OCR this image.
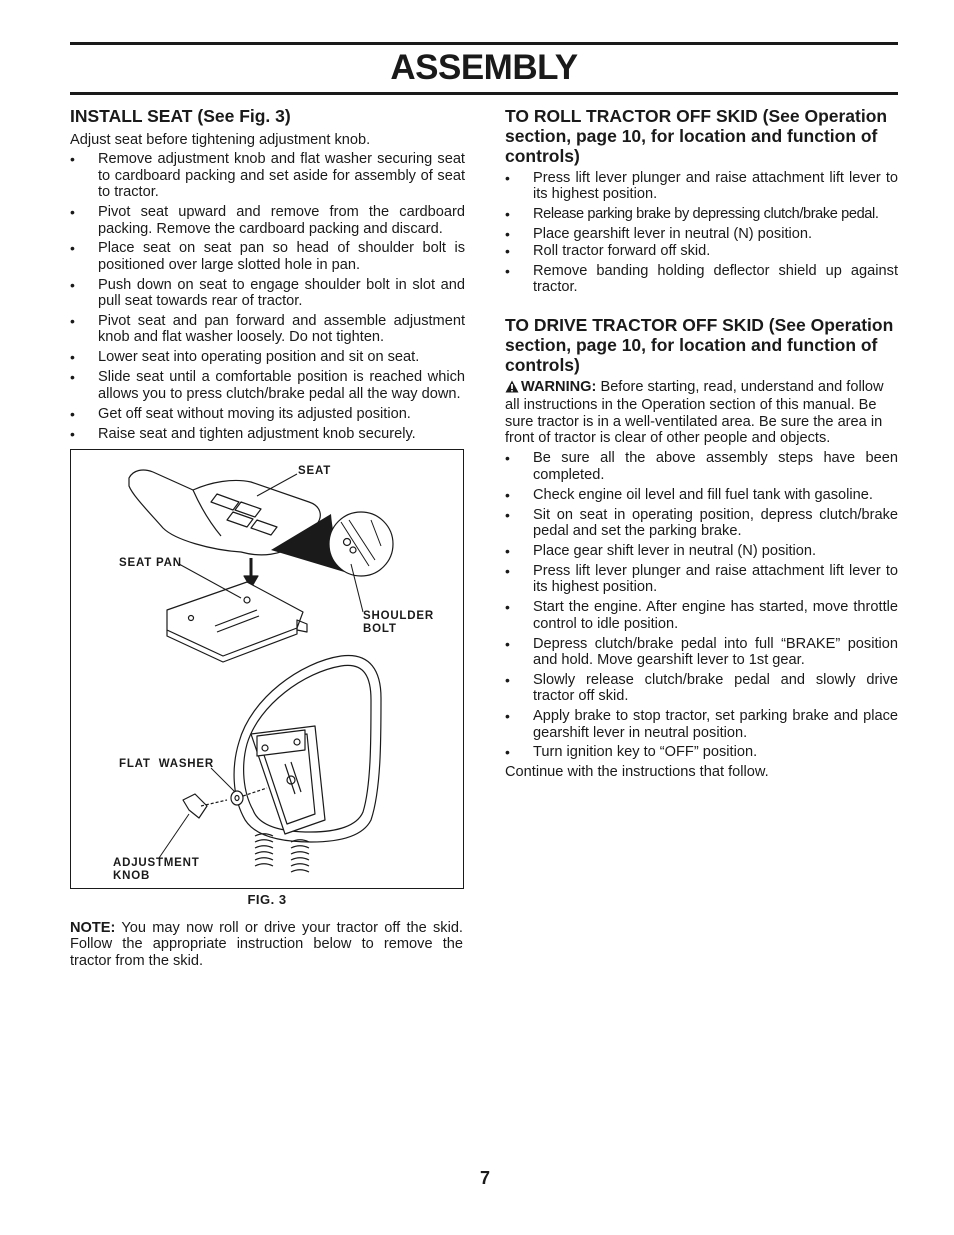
ASSEMBLY
INSTALL SEAT (See Fig. 3)

Adjust seat before tightening adjustment knob.

• Remove adjustment knob and flat washer securing seat to cardboard packing and set aside for assembly of seat to tractor.
• Pivot seat upward and remove from the cardboard packing. Remove the cardboard packing and discard.
• Place seat on seat pan so head of shoulder bolt is positioned over large slotted hole in pan.
• Push down on seat to engage shoulder bolt in slot and pull seat towards rear of tractor.
• Pivot seat and pan forward and assemble adjustment knob and flat washer loosely. Do not tighten.
• Lower seat into operating position and sit on seat.
• Slide seat until a comfortable position is reached which allows you to press clutch/brake pedal all the way down.
• Get off seat without moving its adjusted position.
• Raise seat and tighten adjustment knob securely.
SEAT
SEAT PAN
SHOULDER
BOLT
FLAT  WASHER
ADJUSTMENT
KNOB
FIG. 3
NOTE: You may now roll or drive your tractor off the skid. Follow the appropriate instruction below to remove the tractor from the skid.
TO ROLL TRACTOR OFF SKID (See Operation section, page 10, for location and function of controls)
• Press lift lever plunger and raise attachment lift lever to its highest position.
• Release parking brake by depressing clutch/brake pedal.
• Place gearshift lever in neutral (N) position.
• Roll tractor forward off skid.
• Remove banding holding deflector shield up against tractor.
TO DRIVE TRACTOR OFF SKID (See Operation section, page 10, for location and function of controls)

WARNING: Before starting, read, understand and follow all instructions in the Operation section of this manual. Be sure tractor is in a well-ventilated area. Be sure the area in front of tractor is clear of other people and objects.

• Be sure all the above assembly steps have been completed.
• Check engine oil level and fill fuel tank with gasoline.
• Sit on seat in operating position, depress clutch/brake pedal and set the parking brake.
• Place gear shift lever in neutral (N) position.
• Press lift lever plunger and raise attachment lift lever to its highest position.
• Start the engine. After engine has started, move throttle control to idle position.
• Depress clutch/brake pedal into full “BRAKE” position and hold. Move gearshift lever to 1st gear.
• Slowly release clutch/brake pedal and slowly drive tractor off skid.
• Apply brake to stop tractor, set parking brake and place gearshift lever in neutral position.
• Turn ignition key to “OFF” position.

Continue with the instructions that follow.

7
